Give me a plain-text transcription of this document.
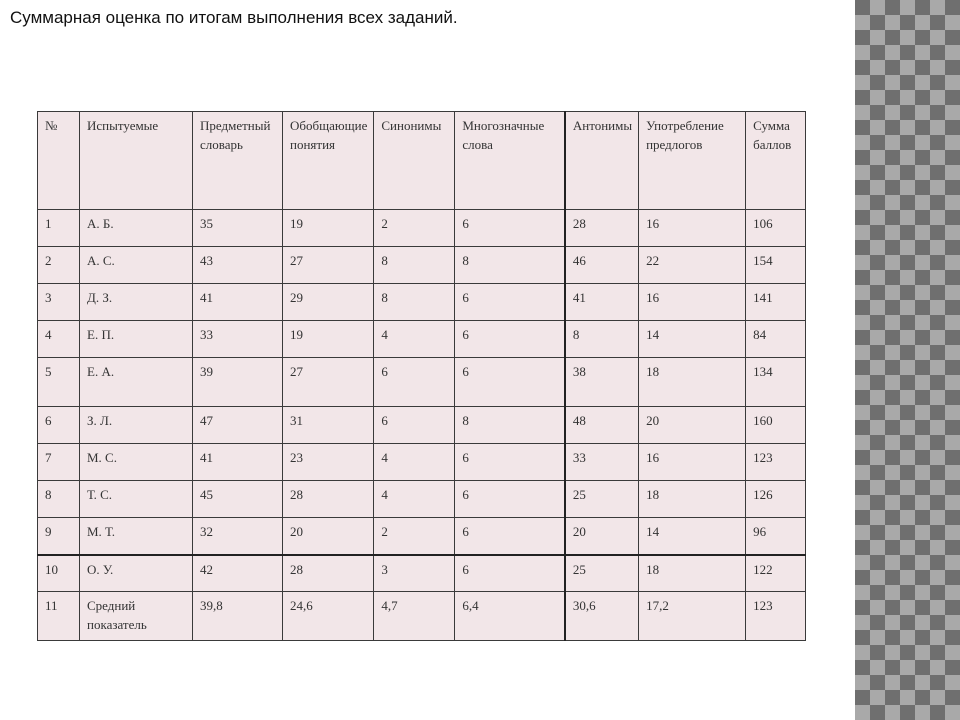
Суммарная оценка по итогам выполнения всех заданий.
№	Испытуемые	Предметный словарь	Обобщающие понятия	Синонимы	Многозначные слова	Антонимы	Употребление предлогов	Сумма баллов
1	А. Б.	35	19	2	6	28	16	106
2	А. С.	43	27	8	8	46	22	154
3	Д. З.	41	29	8	6	41	16	141
4	Е. П.	33	19	4	6	8	14	84
5	Е. А.	39	27	6	6	38	18	134
6	З. Л.	47	31	6	8	48	20	160
7	М. С.	41	23	4	6	33	16	123
8	Т. С.	45	28	4	6	25	18	126
9	М. Т.	32	20	2	6	20	14	96
10	О. У.	42	28	3	6	25	18	122
11	Средний показатель	39,8	24,6	4,7	6,4	30,6	17,2	123
